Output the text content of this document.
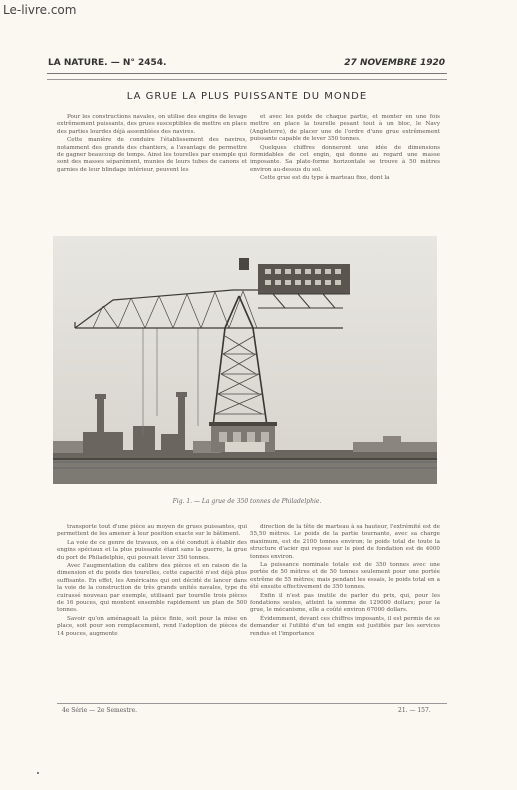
Le-livre.com
LA NATURE. — N° 2454.	27 NOVEMBRE 1920
LA GRUE LA PLUS PUISSANTE DU MONDE

Pour les constructions navales, on utilise des engins de levage extrêmement puissants, des grues susceptibles de mettre en place des parties lourdes déjà assemblées des navires.

Cette manière de conduire l'établissement des navires, notamment des grands des chantiers, a l'avantage de permettre de gagner beaucoup de temps. Ainsi les tourelles par exemple qui sont des masses séparément, munies de leurs tubes de canons et garnies de leur blindage intérieur, peuvent les

et avec les poids de chaque partie, et monter en une fois mettre en place la tourelle pesant tout à un bloc, le Navy (Angleterre), de placer une de l'ordre d'une grue extrêmement puissante capable de lever 350 tonnes.

Quelques chiffres donneront une idée de dimensions formidables de cet engin, qui donne au regard une masse imposante. Sa plate-forme horizontale se trouve à 50 mètres environ au-dessus du sol.

Cette grue est du type à marteau fixe, dont la

Fig. 1. — La grue de 350 tonnes de Philadelphie.

transporte tout d'une pièce au moyen de grues puissantes, qui permettent de les amener à leur position exacte sur le bâtiment.

La voie de ce genre de travaux, on a été conduit à établir des engins spéciaux et la plus puissante étant sans la guerre, la grue du port de Philadelphie, qui pouvait lever 350 tonnes.

Avec l'augmentation du calibre des pièces et en raison de la dimension et du poids des tourelles, cette capacité n'est déjà plus suffisante. En effet, les Américains qui ont décidé de lancer dans la voie de la construction de très grands unités navales, type du cuirassé nouveau par exemple, utilisant par tourelle trois pièces de 16 pouces, qui montent ensemble rapidement un plan de 500 tonnes.

Savoir qu'on aménageait la pièce finie, soit pour la mise en place, soit pour son remplacement, rend l'adoption de pièces de 14 pouces, augmente

direction de la tête de marteau à sa hauteur, l'extrémité est de 55,50 mètres. Le poids de la partie tournante, avec sa charge maximum, est de 2100 tonnes environ; le poids total de toute la structure d'acier qui repose sur le pied de fondation est de 4000 tonnes environ.

La puissance nominale totale est de 350 tonnes avec une portée de 50 mètres et de 50 tonnes seulement pour une portée extrême de 55 mètres; mais pendant les essais, le poids total en a été ensuite effectivement de 350 tonnes.

Enfin il n'est pas inutile de parler du prix, qui, pour les fondations seules, atteint la somme de 129000 dollars; pour la grue, le mécanisme, elle a coûté environ 67000 dollars.

Évidemment, devant ces chiffres imposants, il est permis de se demander si l'utilité d'un tel engin est justifiée par les services rendus et l'importance

4e Série — 2e Semestre.	21. — 157.
